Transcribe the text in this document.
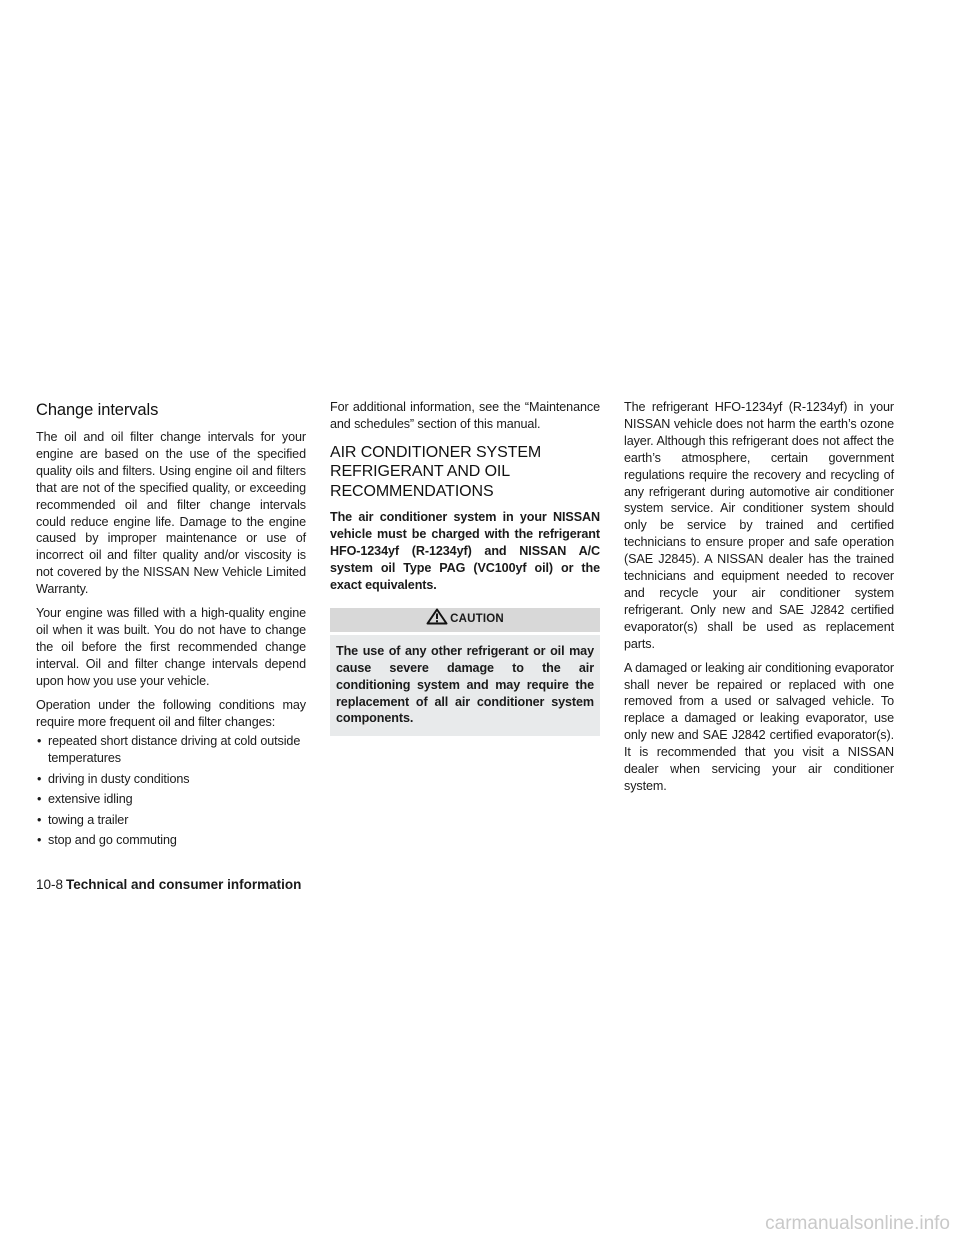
Change intervals

The oil and oil filter change intervals for your engine are based on the use of the specified quality oils and filters. Using engine oil and filters that are not of the specified quality, or exceeding recommended oil and filter change intervals could reduce engine life. Damage to the engine caused by improper maintenance or use of incorrect oil and filter quality and/or viscosity is not covered by the NISSAN New Vehicle Limited Warranty.

Your engine was filled with a high-quality engine oil when it was built. You do not have to change the oil before the first recommended change interval. Oil and filter change intervals depend upon how you use your vehicle.

Operation under the following conditions may require more frequent oil and filter changes:

• repeated short distance driving at cold outside temperatures
• driving in dusty conditions
• extensive idling
• towing a trailer
• stop and go commuting

For additional information, see the “Maintenance and schedules” section of this manual.

AIR CONDITIONER SYSTEM REFRIGERANT AND OIL RECOMMENDATIONS

The air conditioner system in your NISSAN vehicle must be charged with the refrigerant HFO-1234yf (R-1234yf) and NISSAN A/C system oil Type PAG (VC100yf oil) or the exact equivalents.

CAUTION
The use of any other refrigerant or oil may cause severe damage to the air conditioning system and may require the replacement of all air conditioner system components.

The refrigerant HFO-1234yf (R-1234yf) in your NISSAN vehicle does not harm the earth’s ozone layer. Although this refrigerant does not affect the earth’s atmosphere, certain government regulations require the recovery and recycling of any refrigerant during automotive air conditioner system service. Air conditioner system should only be service by trained and certified technicians to ensure proper and safe operation (SAE J2845). A NISSAN dealer has the trained technicians and equipment needed to recover and recycle your air conditioner system refrigerant. Only new and SAE J2842 certified evaporator(s) shall be used as replacement parts.

A damaged or leaking air conditioning evaporator shall never be repaired or replaced with one removed from a used or salvaged vehicle. To replace a damaged or leaking evaporator, use only new and SAE J2842 certified evaporator(s). It is recommended that you visit a NISSAN dealer when servicing your air conditioner system.

10-8 Technical and consumer information
carmanualsonline.info
